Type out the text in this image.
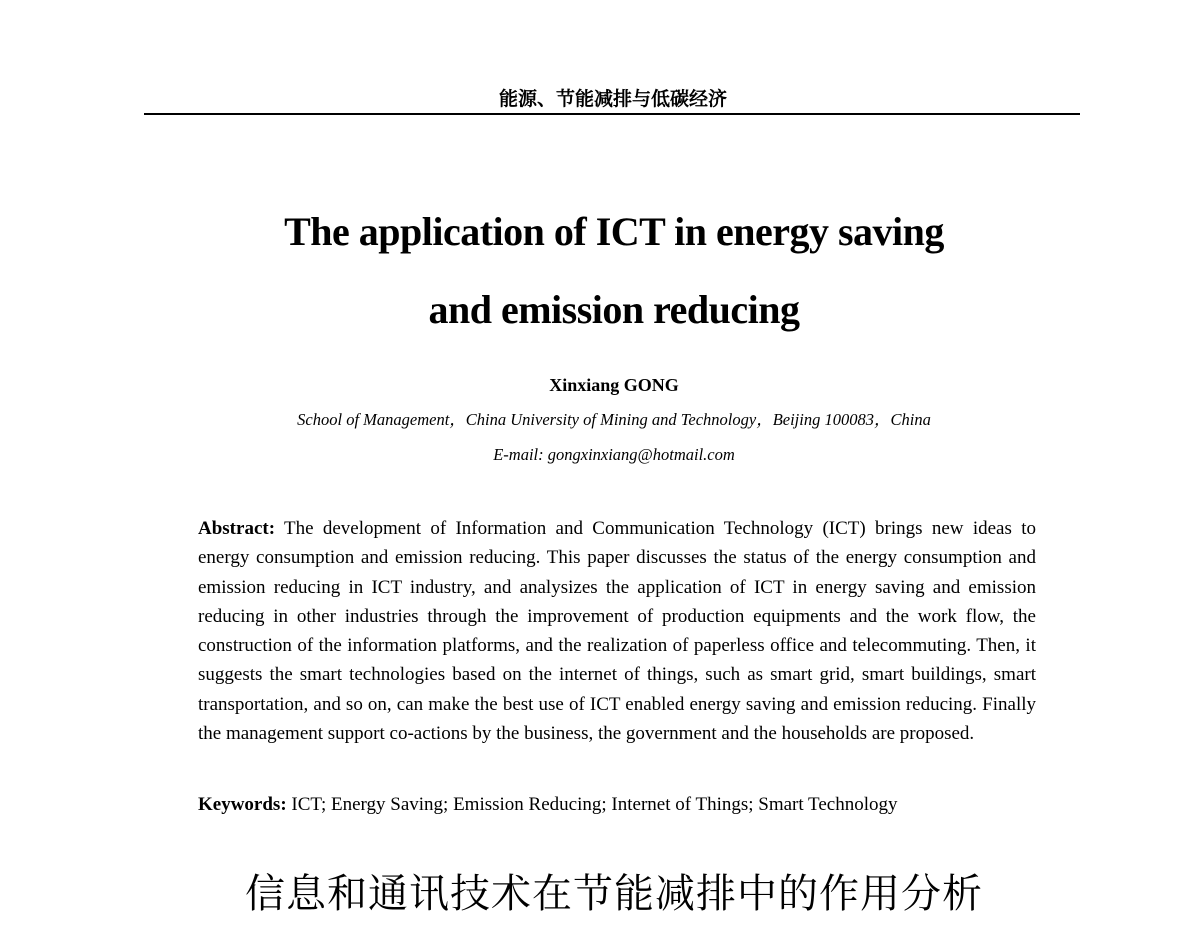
能源、节能减排与低碳经济
The application of ICT in energy saving
and emission reducing
Xinxiang GONG
School of Management，China University of Mining and Technology，Beijing 100083，China
E-mail: gongxinxiang@hotmail.com

Abstract: The development of Information and Communication Technology (ICT) brings new ideas to energy consumption and emission reducing. This paper discusses the status of the energy consumption and emission reducing in ICT industry, and analysizes the application of ICT in energy saving and emission reducing in other industries through the improvement of production equipments and the work flow, the construction of the information platforms, and the realization of paperless office and telecommuting. Then, it suggests the smart technologies based on the internet of things, such as smart grid, smart buildings, smart transportation, and so on, can make the best use of ICT enabled energy saving and emission reducing. Finally the management support co-actions by the business, the government and the households are proposed.

Keywords: ICT; Energy Saving; Emission Reducing; Internet of Things; Smart Technology

信息和通讯技术在节能减排中的作用分析
